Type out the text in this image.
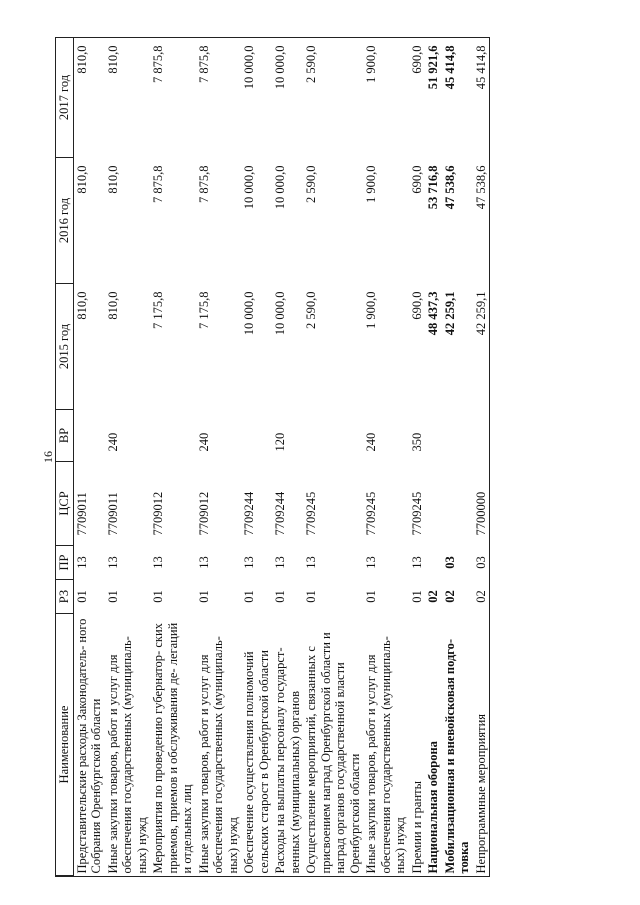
16
Наименование	РЗ	ПР	ЦСР	ВР	2015 год	2016 год	2017 год
Представительские расходы Законодатель- ного Собрания Оренбургской области	01	13	7709011		810,0	810,0	810,0
Иные закупки товаров, работ и услуг для обеспечения государственных (муниципаль- ных) нужд	01	13	7709011	240	810,0	810,0	810,0
Мероприятия по проведению губернатор- ских приемов, приемов и обслуживания де- легаций и отдельных лиц	01	13	7709012		7 175,8	7 875,8	7 875,8
Иные закупки товаров, работ и услуг для обеспечения государственных (муниципаль- ных) нужд	01	13	7709012	240	7 175,8	7 875,8	7 875,8
Обеспечение осуществления полномочий сельских старост в Оренбургской области	01	13	7709244		10 000,0	10 000,0	10 000,0
Расходы на выплаты персоналу государст- венных (муниципальных) органов	01	13	7709244	120	10 000,0	10 000,0	10 000,0
Осуществление мероприятий, связанных с присвоением наград Оренбургской области и наград органов государственной власти Оренбургской области	01	13	7709245		2 590,0	2 590,0	2 590,0
Иные закупки товаров, работ и услуг для обеспечения государственных (муниципаль- ных) нужд	01	13	7709245	240	1 900,0	1 900,0	1 900,0
Премии и гранты	01	13	7709245	350	690,0	690,0	690,0
Национальная оборона	02				48 437,3	53 716,8	51 921,6
Мобилизационная и вневойсковая подго- товка	02	03			42 259,1	47 538,6	45 414,8
Непрограммные мероприятия	02	03	7700000		42 259,1	47 538,6	45 414,8
